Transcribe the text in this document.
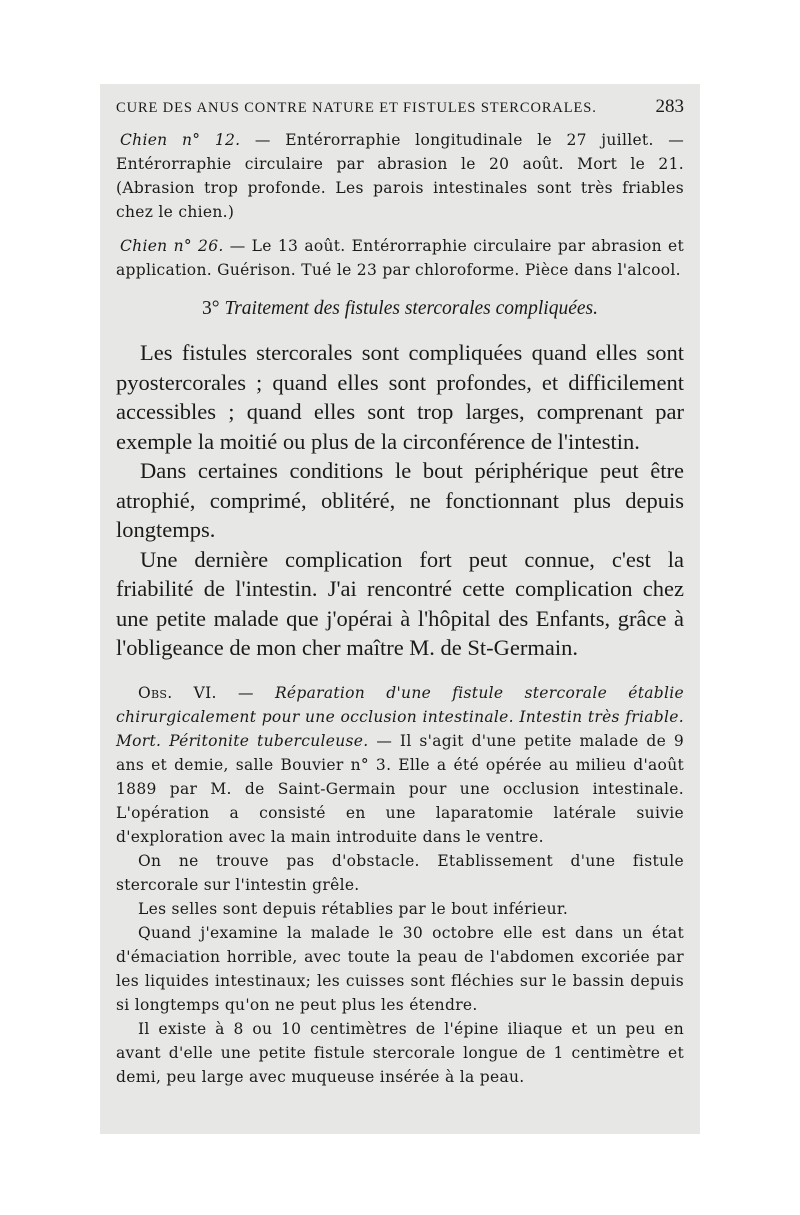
CURE DES ANUS CONTRE NATURE ET FISTULES STERCORALES.	283

Chien n° 12. — Entérorraphie longitudinale le 27 juillet. — Entérorraphie circulaire par abrasion le 20 août. Mort le 21. (Abrasion trop profonde. Les parois intestinales sont très friables chez le chien.)

Chien n° 26. — Le 13 août. Entérorraphie circulaire par abrasion et application. Guérison. Tué le 23 par chloroforme. Pièce dans l'alcool.

3° Traitement des fistules stercorales compliquées.

Les fistules stercorales sont compliquées quand elles sont pyostercorales ; quand elles sont profondes, et difficilement accessibles ; quand elles sont trop larges, comprenant par exemple la moitié ou plus de la circonférence de l'intestin.

Dans certaines conditions le bout périphérique peut être atrophié, comprimé, oblitéré, ne fonctionnant plus depuis longtemps.

Une dernière complication fort peut connue, c'est la friabilité de l'intestin. J'ai rencontré cette complication chez une petite malade que j'opérai à l'hôpital des Enfants, grâce à l'obligeance de mon cher maître M. de St-Germain.

Obs. VI. — Réparation d'une fistule stercorale établie chirurgicalement pour une occlusion intestinale. Intestin très friable. Mort. Péritonite tuberculeuse. — Il s'agit d'une petite malade de 9 ans et demie, salle Bouvier n° 3. Elle a été opérée au milieu d'août 1889 par M. de Saint-Germain pour une occlusion intestinale. L'opération a consisté en une laparatomie latérale suivie d'exploration avec la main introduite dans le ventre.

On ne trouve pas d'obstacle. Etablissement d'une fistule stercorale sur l'intestin grêle.

Les selles sont depuis rétablies par le bout inférieur.

Quand j'examine la malade le 30 octobre elle est dans un état d'émaciation horrible, avec toute la peau de l'abdomen excoriée par les liquides intestinaux; les cuisses sont fléchies sur le bassin depuis si longtemps qu'on ne peut plus les étendre.

Il existe à 8 ou 10 centimètres de l'épine iliaque et un peu en avant d'elle une petite fistule stercorale longue de 1 centimètre et demi, peu large avec muqueuse insérée à la peau.
